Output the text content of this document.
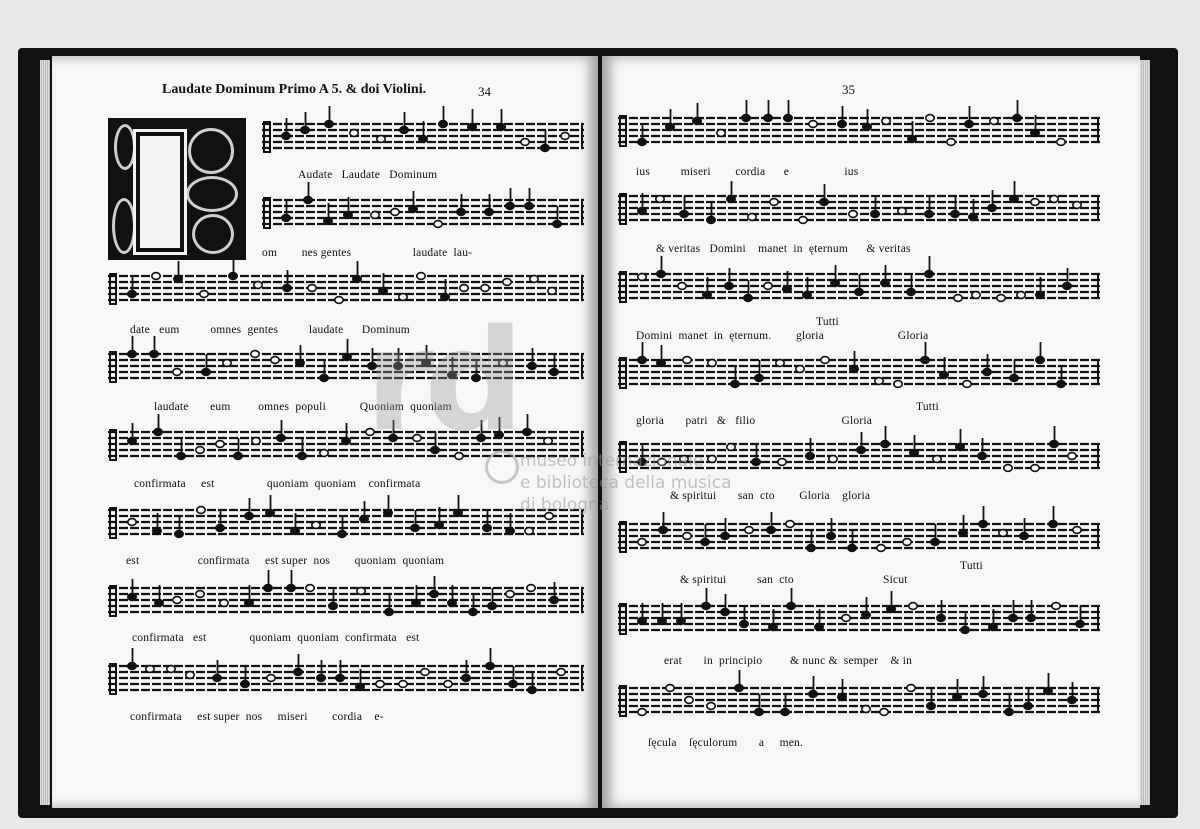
Laudate Dominum Primo A 5. & doi Violini.	34	35
Audate   Laudate   Dominum
om        nes gentes                    laudate  lau-
date   eum          omnes  gentes          laudate      Dominum
laudate       eum         omnes  populi           Quoniam  quoniam
confirmata     est                 quoniam  quoniam    confirmata
est                   confirmata     est super  nos        quoniam  quoniam
confirmata   est              quoniam  quoniam  confirmata   est
confirmata     est super  nos     miseri        cordia    e-
ius          miseri        cordia      e                  ius
& veritas   Domini    manet  in  ęternum      & veritas
Domini  manet  in  ęternum.        gloria                        Gloria
gloria       patri   &   filio                            Gloria
& spiritui       san  cto        Gloria    gloria
& spiritui          san  cto                             Sicut
erat       in  principio         & nunc &  semper    & in
ſęcula    ſęculorum       a     men.
Tutti
Tutti
Tutti
rd museo internazionale
e biblioteca della musica
di bologna
